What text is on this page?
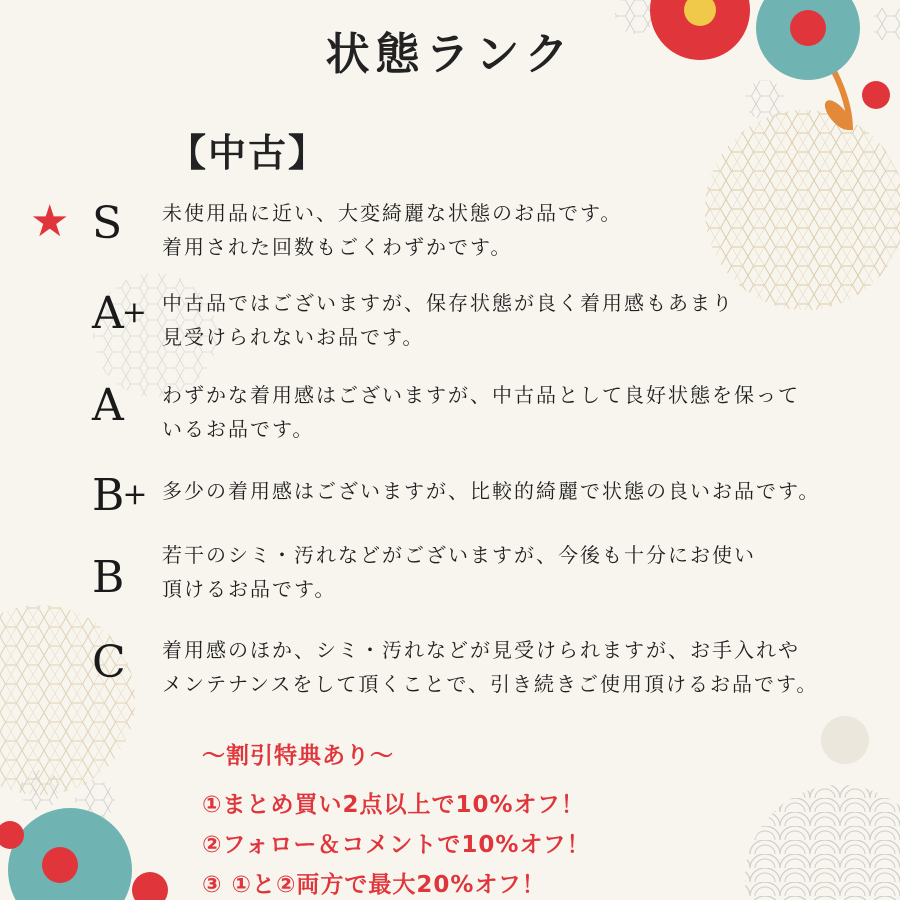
状態ランク
【中古】
★ S 未使用品に近い、大変綺麗な状態のお品です。
着用された回数もごくわずかです。
A+ 中古品ではございますが、保存状態が良く着用感もあまり
見受けられないお品です。
A わずかな着用感はございますが、中古品として良好状態を保って
いるお品です。
B+ 多少の着用感はございますが、比較的綺麗で状態の良いお品です。
B 若干のシミ・汚れなどがございますが、今後も十分にお使い
頂けるお品です。
C 着用感のほか、シミ・汚れなどが見受けられますが、お手入れや
メンテナンスをして頂くことで、引き続きご使用頂けるお品です。
～割引特典あり～
①まとめ買い2点以上で10%オフ！
②フォロー＆コメントで10%オフ！
③ ①と②両方で最大20%オフ！
